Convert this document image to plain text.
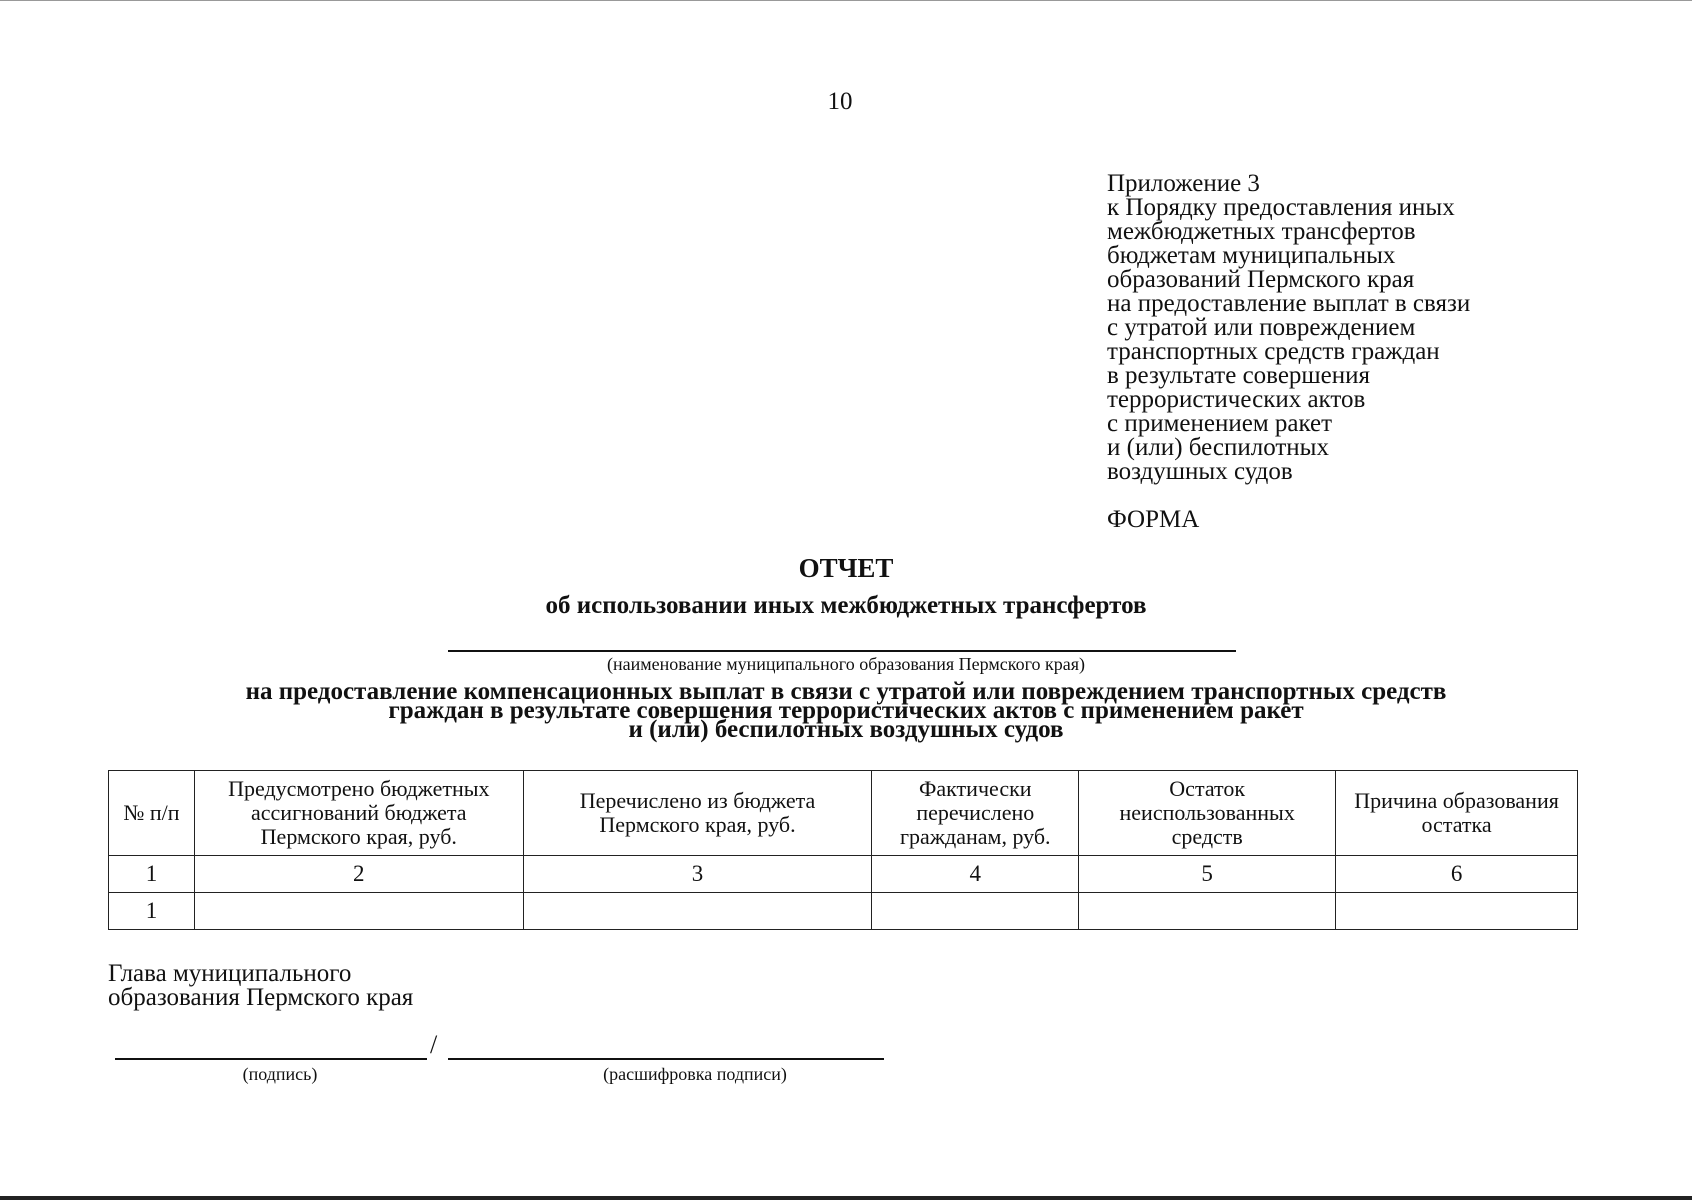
10
Приложение 3
к Порядку предоставления иных
межбюджетных трансфертов
бюджетам муниципальных
образований Пермского края
на предоставление выплат в связи
с утратой или повреждением
транспортных средств граждан
в результате совершения
террористических актов
с применением ракет
и (или) беспилотных
воздушных судов
ФОРМА
ОТЧЕТ
об использовании иных межбюджетных трансфертов
(наименование муниципального образования Пермского края)
на предоставление компенсационных выплат в связи с утратой или повреждением транспортных средств
граждан в результате совершения террористических актов с применением ракет
и (или) беспилотных воздушных судов
№ п/п	Предусмотрено бюджетных ассигнований бюджета Пермского края, руб.	Перечислено из бюджета Пермского края, руб.	Фактически перечислено гражданам, руб.	Остаток неиспользованных средств	Причина образования остатка
1	2	3	4	5	6
1					
Глава муниципального
образования Пермского края
/
(подпись)	(расшифровка подписи)
